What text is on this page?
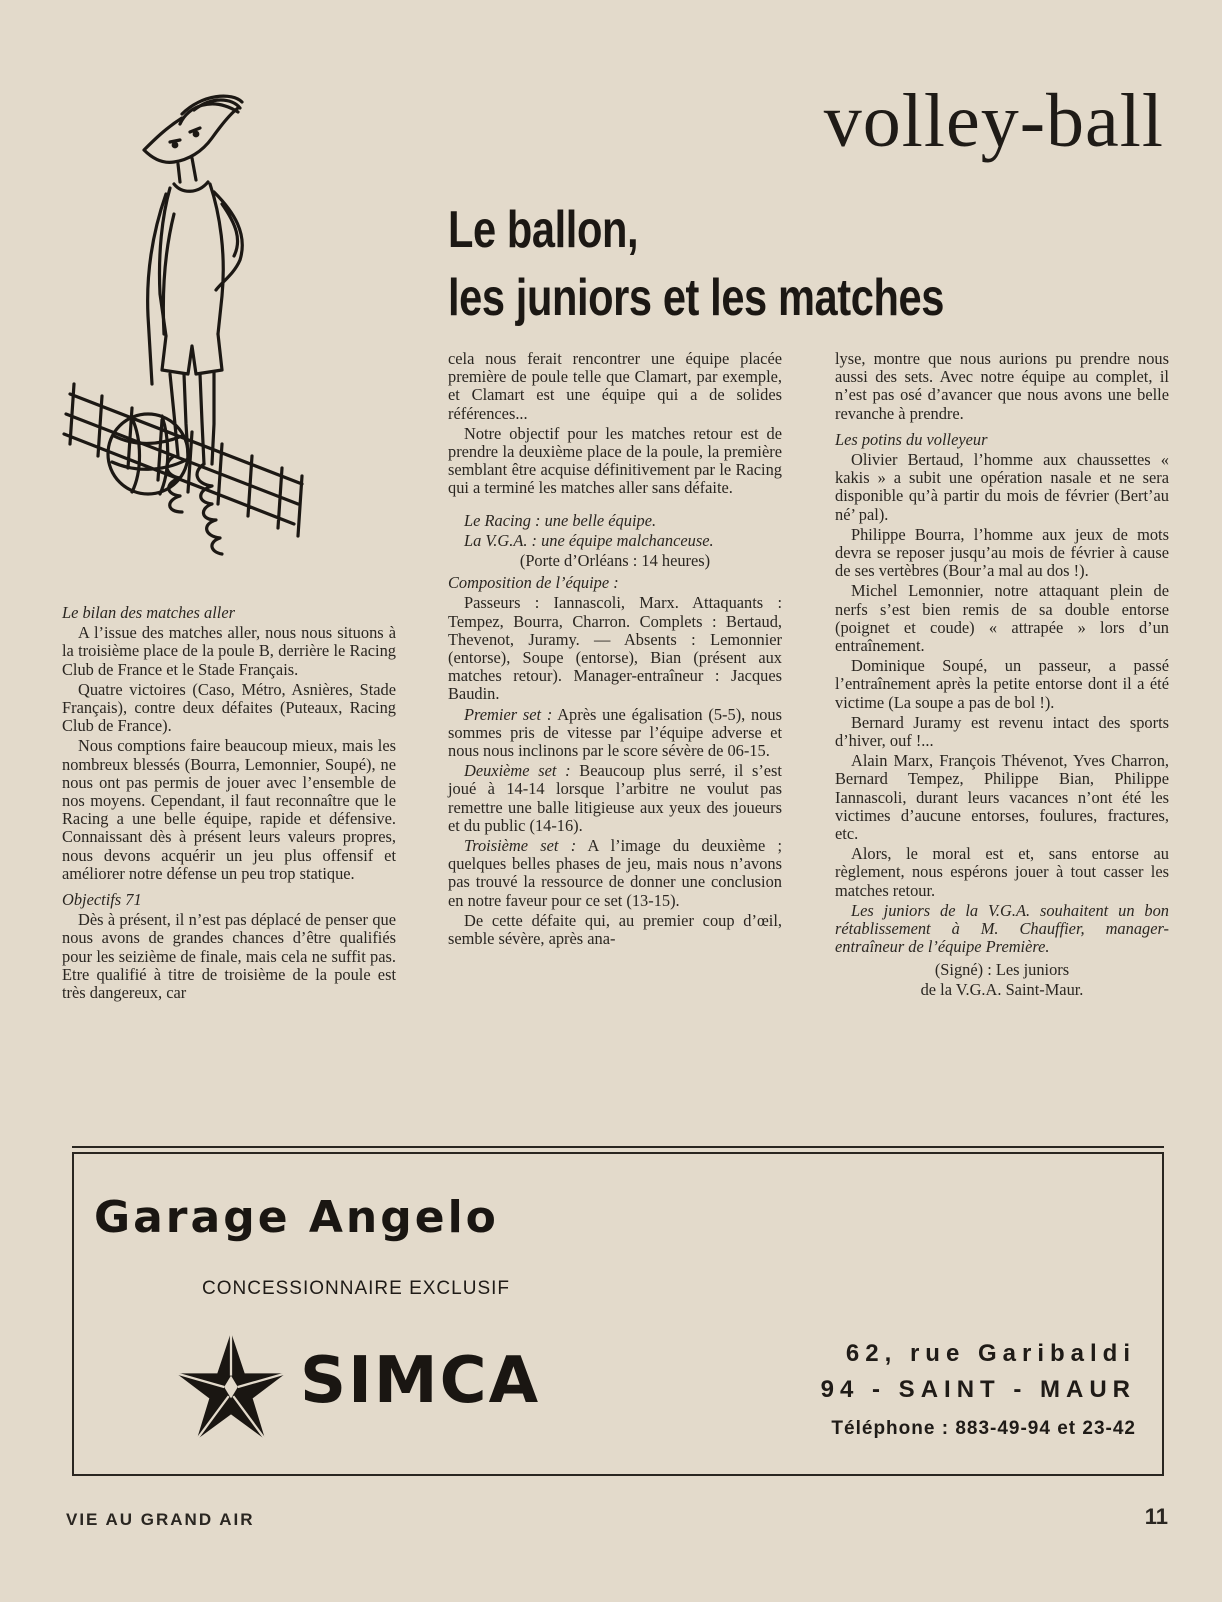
volley-ball
Le ballon,
les juniors et les matches

Le bilan des matches aller

A l’issue des matches aller, nous nous situons à la troisième place de la poule B, derrière le Racing Club de France et le Stade Français.

Quatre victoires (Caso, Métro, Asnières, Stade Français), contre deux défaites (Puteaux, Racing Club de France).

Nous comptions faire beaucoup mieux, mais les nombreux blessés (Bourra, Lemonnier, Soupé), ne nous ont pas permis de jouer avec l’ensemble de nos moyens. Cependant, il faut reconnaître que le Racing a une belle équipe, rapide et défensive. Connaissant dès à présent leurs valeurs propres, nous devons acquérir un jeu plus offensif et améliorer notre défense un peu trop statique.

Objectifs 71

Dès à présent, il n’est pas déplacé de penser que nous avons de grandes chances d’être qualifiés pour les seizième de finale, mais cela ne suffit pas. Etre qualifié à titre de troisième de la poule est très dangereux, car

cela nous ferait rencontrer une équipe placée première de poule telle que Clamart, par exemple, et Clamart est une équipe qui a de solides références...

Notre objectif pour les matches retour est de prendre la deuxième place de la poule, la première semblant être acquise définitivement par le Racing qui a terminé les matches aller sans défaite.

Le Racing : une belle équipe.

La V.G.A. : une équipe malchanceuse.

(Porte d’Orléans : 14 heures)

Composition de l’équipe :

Passeurs : Iannascoli, Marx. Attaquants : Tempez, Bourra, Charron. Complets : Bertaud, Thevenot, Juramy. — Absents : Lemonnier (entorse), Soupe (entorse), Bian (présent aux matches retour). Manager-entraîneur : Jacques Baudin.

Premier set : Après une égalisation (5-5), nous sommes pris de vitesse par l’équipe adverse et nous nous inclinons par le score sévère de 06-15.

Deuxième set : Beaucoup plus serré, il s’est joué à 14-14 lorsque l’arbitre ne voulut pas remettre une balle litigieuse aux yeux des joueurs et du public (14-16).

Troisième set : A l’image du deuxième ; quelques belles phases de jeu, mais nous n’avons pas trouvé la ressource de donner une conclusion en notre faveur pour ce set (13-15).

De cette défaite qui, au premier coup d’œil, semble sévère, après ana-

lyse, montre que nous aurions pu prendre nous aussi des sets. Avec notre équipe au complet, il n’est pas osé d’avancer que nous avons une belle revanche à prendre.

Les potins du volleyeur

Olivier Bertaud, l’homme aux chaussettes « kakis » a subit une opération nasale et ne sera disponible qu’à partir du mois de février (Bert’au né’ pal).

Philippe Bourra, l’homme aux jeux de mots devra se reposer jusqu’au mois de février à cause de ses vertèbres (Bour’a mal au dos !).

Michel Lemonnier, notre attaquant plein de nerfs s’est bien remis de sa double entorse (poignet et coude) « attrapée » lors d’un entraînement.

Dominique Soupé, un passeur, a passé l’entraînement après la petite entorse dont il a été victime (La soupe a pas de bol !).

Bernard Juramy est revenu intact des sports d’hiver, ouf !...

Alain Marx, François Thévenot, Yves Charron, Bernard Tempez, Philippe Bian, Philippe Iannascoli, durant leurs vacances n’ont été les victimes d’aucune entorses, foulures, fractures, etc.

Alors, le moral est et, sans entorse au règlement, nous espérons jouer à tout casser les matches retour.

Les juniors de la V.G.A. souhaitent un bon rétablissement à M. Chauffier, manager-entraîneur de l’équipe Première.

(Signé) : Les juniors

de la V.G.A. Saint-Maur.

Garage Angelo
CONCESSIONNAIRE EXCLUSIF
SIMCA	62, rue Garibaldi
94 - SAINT - MAUR
Téléphone : 883-49-94 et 23-42
VIE AU GRAND AIR	11
